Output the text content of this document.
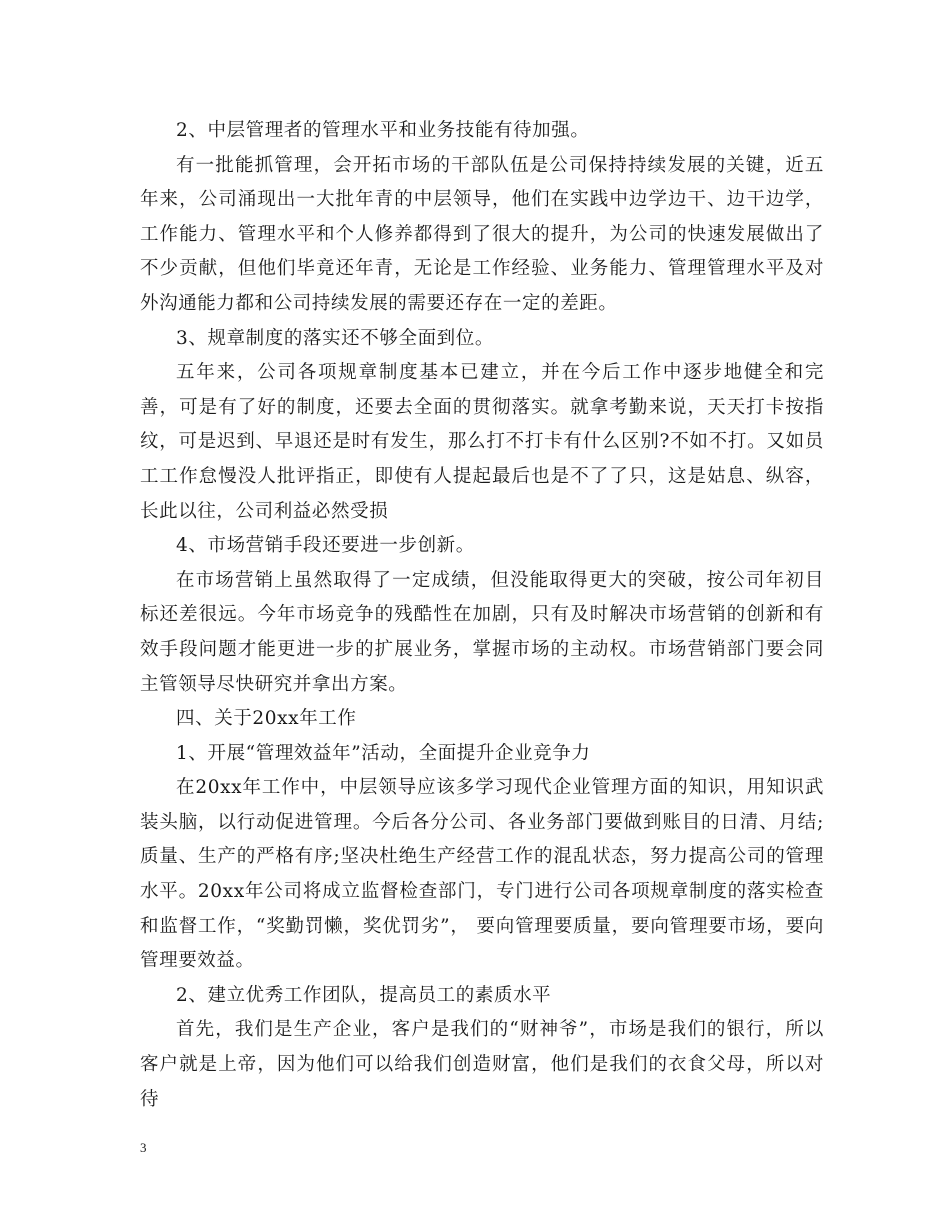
2、中层管理者的管理水平和业务技能有待加强。

有一批能抓管理，会开拓市场的干部队伍是公司保持持续发展的关键，近五年来，公司涌现出一大批年青的中层领导，他们在实践中边学边干、边干边学，工作能力、管理水平和个人修养都得到了很大的提升，为公司的快速发展做出了不少贡献，但他们毕竟还年青，无论是工作经验、业务能力、管理管理水平及对外沟通能力都和公司持续发展的需要还存在一定的差距。

3、规章制度的落实还不够全面到位。

五年来，公司各项规章制度基本已建立，并在今后工作中逐步地健全和完善，可是有了好的制度，还要去全面的贯彻落实。就拿考勤来说，天天打卡按指纹，可是迟到、早退还是时有发生，那么打不打卡有什么区别?不如不打。又如员工工作怠慢没人批评指正，即使有人提起最后也是不了了只，这是姑息、纵容，长此以往，公司利益必然受损

4、市场营销手段还要进一步创新。

在市场营销上虽然取得了一定成绩，但没能取得更大的突破，按公司年初目标还差很远。今年市场竞争的残酷性在加剧，只有及时解决市场营销的创新和有效手段问题才能更进一步的扩展业务，掌握市场的主动权。市场营销部门要会同主管领导尽快研究并拿出方案。

四、关于20xx年工作

1、开展“管理效益年”活动，全面提升企业竞争力

在20xx年工作中，中层领导应该多学习现代企业管理方面的知识，用知识武装头脑，以行动促进管理。今后各分公司、各业务部门要做到账目的日清、月结;质量、生产的严格有序;坚决杜绝生产经营工作的混乱状态，努力提高公司的管理水平。20xx年公司将成立监督检查部门，专门进行公司各项规章制度的落实检查和监督工作，“奖勤罚懒，奖优罚劣”， 要向管理要质量，要向管理要市场，要向管理要效益。

2、建立优秀工作团队，提高员工的素质水平

首先，我们是生产企业，客户是我们的“财神爷”，市场是我们的银行，所以客户就是上帝，因为他们可以给我们创造财富，他们是我们的衣食父母，所以对待

3
